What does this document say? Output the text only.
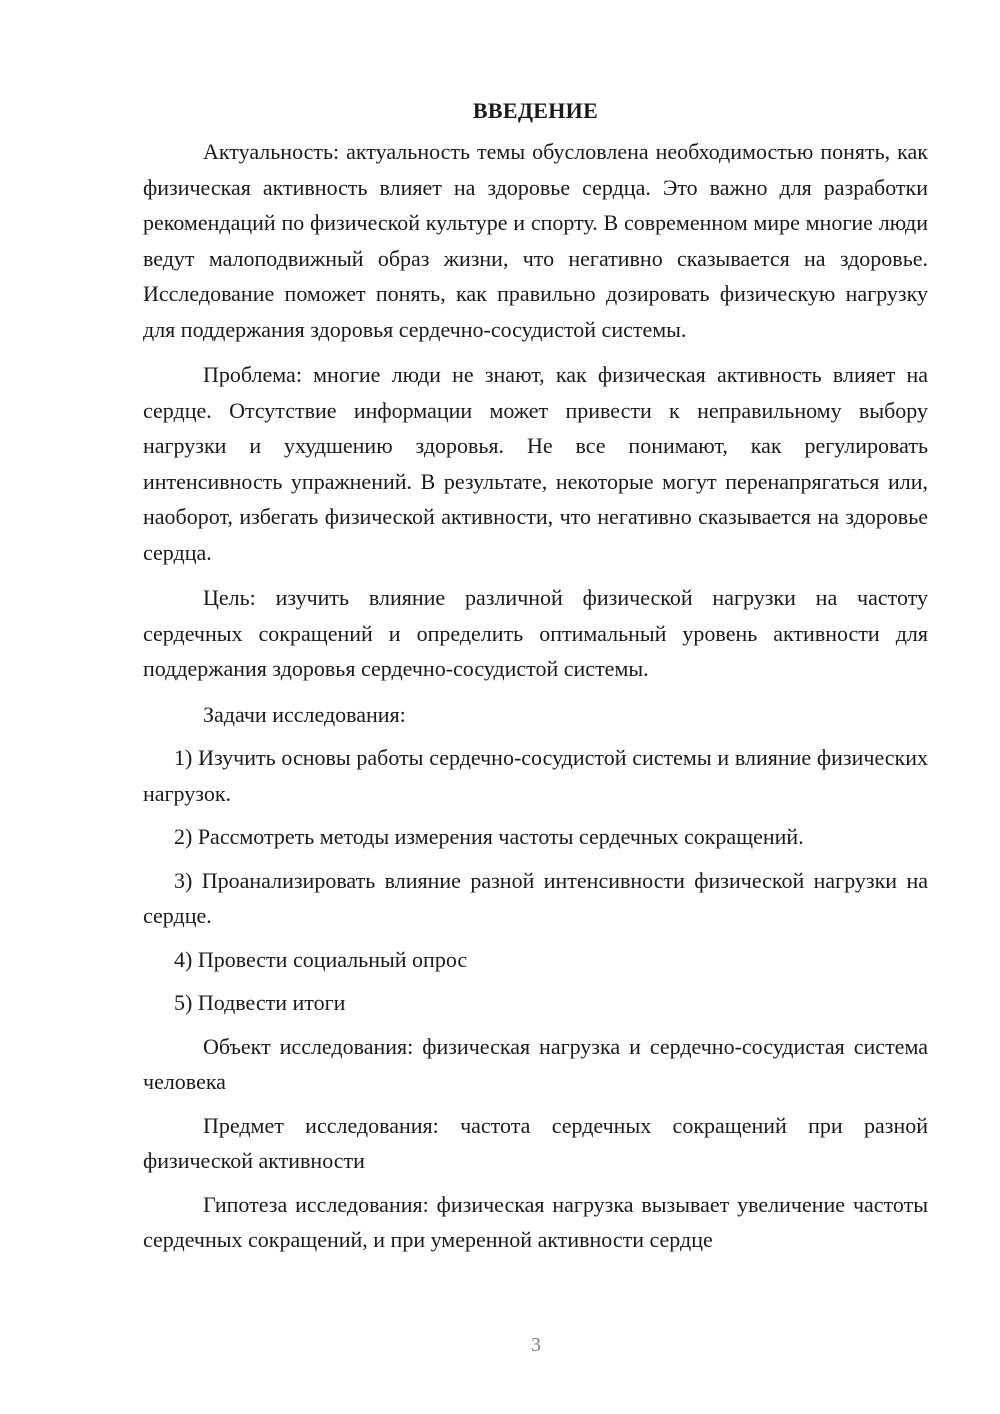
ВВЕДЕНИЕ

Актуальность: актуальность темы обусловлена необходимостью понять, как физическая активность влияет на здоровье сердца. Это важно для разработки рекомендаций по физической культуре и спорту. В современном мире многие люди ведут малоподвижный образ жизни, что негативно сказывается на здоровье. Исследование поможет понять, как правильно дозировать физическую нагрузку для поддержания здоровья сердечно-сосудистой системы.

Проблема: многие люди не знают, как физическая активность влияет на сердце. Отсутствие информации может привести к неправильному выбору нагрузки и ухудшению здоровья. Не все понимают, как регулировать интенсивность упражнений. В результате, некоторые могут перенапрягаться или, наоборот, избегать физической активности, что негативно сказывается на здоровье сердца.

Цель: изучить влияние различной физической нагрузки на частоту сердечных сокращений и определить оптимальный уровень активности для поддержания здоровья сердечно-сосудистой системы.

Задачи исследования:

1) Изучить основы работы сердечно-сосудистой системы и влияние физических нагрузок.

2) Рассмотреть методы измерения частоты сердечных сокращений.

3) Проанализировать влияние разной интенсивности физической нагрузки на сердце.

4) Провести социальный опрос

5) Подвести итоги

Объект исследования: физическая нагрузка и сердечно-сосудистая система человека

Предмет исследования: частота сердечных сокращений при разной физической активности

Гипотеза исследования: физическая нагрузка вызывает увеличение частоты сердечных сокращений, и при умеренной активности сердце

3
